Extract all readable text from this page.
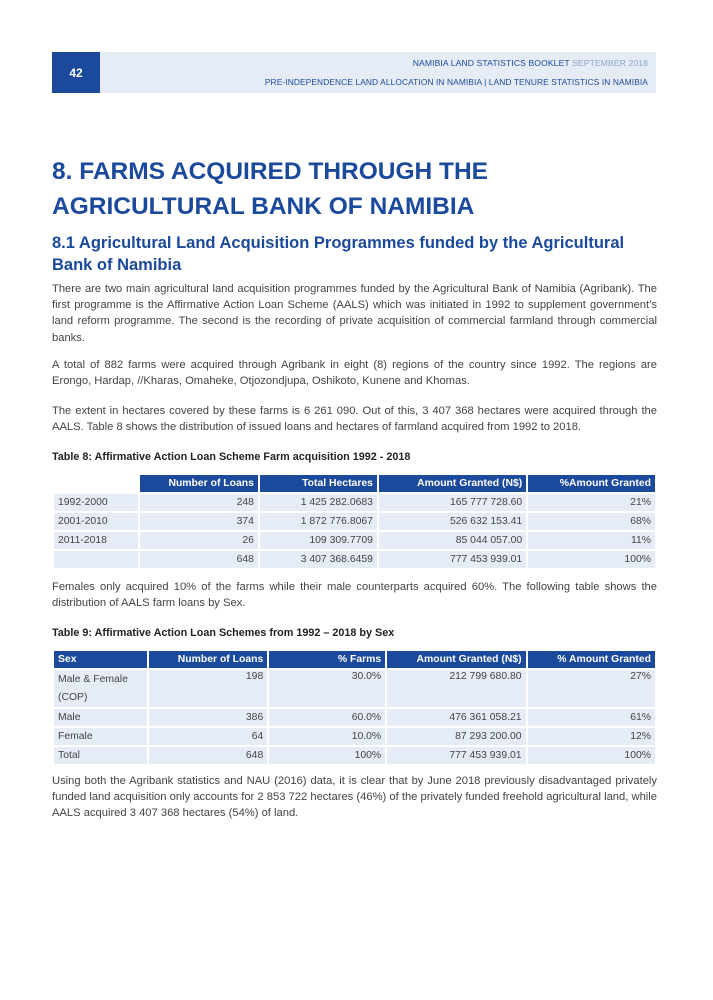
42
NAMIBIA LAND STATISTICS BOOKLET SEPTEMBER 2018
PRE-INDEPENDENCE LAND ALLOCATION IN NAMIBIA | LAND TENURE STATISTICS IN NAMIBIA
8. FARMS ACQUIRED THROUGH THE AGRICULTURAL BANK OF NAMIBIA
8.1 Agricultural Land Acquisition Programmes funded by the Agricultural Bank of Namibia

There are two main agricultural land acquisition programmes funded by the Agricultural Bank of Namibia (Agribank). The first programme is the Affirmative Action Loan Scheme (AALS) which was initiated in 1992 to supplement government’s land reform programme. The second is the recording of private acquisition of commercial farmland through commercial banks.

A total of 882 farms were acquired through Agribank in eight (8) regions of the country since 1992. The regions are Erongo, Hardap, //Kharas, Omaheke, Otjozondjupa, Oshikoto, Kunene and Khomas.

The extent in hectares covered by these farms is 6 261 090. Out of this, 3 407 368 hectares were acquired through the AALS. Table 8 shows the distribution of issued loans and hectares of farmland acquired from 1992 to 2018.

Table 8: Affirmative Action Loan Scheme Farm acquisition 1992 - 2018
	Number of Loans	Total Hectares	Amount Granted (N$)	%Amount Granted
1992-2000	248	1 425 282.0683	165 777 728.60	21%
2001-2010	374	1 872 776.8067	526 632 153.41	68%
2011-2018	26	109 309.7709	85 044 057.00	11%
	648	3 407 368.6459	777 453 939.01	100%

Females only acquired 10% of the farms while their male counterparts acquired 60%. The following table shows the distribution of AALS farm loans by Sex.

Table 9: Affirmative Action Loan Schemes from 1992 – 2018 by Sex
Sex	Number of Loans	% Farms	Amount Granted (N$)	% Amount Granted
Male & Female (COP)	198	30.0%	212 799 680.80	27%
Male	386	60.0%	476 361 058.21	61%
Female	64	10.0%	87 293 200.00	12%
Total	648	100%	777 453 939.01	100%

Using both the Agribank statistics and NAU (2016) data, it is clear that by June 2018 previously disadvantaged privately funded land acquisition only accounts for 2 853 722 hectares (46%) of the privately funded freehold agricultural land, while AALS acquired 3 407 368 hectares (54%) of land.
